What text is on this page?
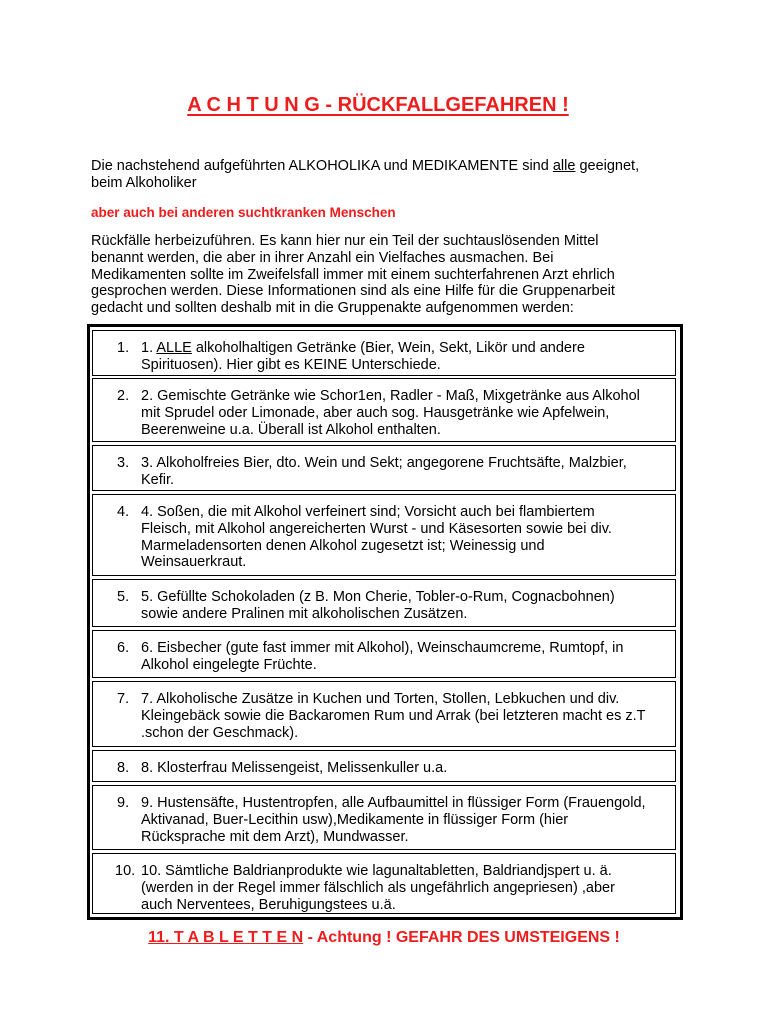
A C H T U N G - RÜCKFALLGEFAHREN !
Die nachstehend aufgeführten ALKOHOLIKA und MEDIKAMENTE sind alle geeignet, beim Alkoholiker
aber auch bei anderen suchtkranken Menschen
Rückfälle herbeizuführen. Es kann hier nur ein Teil der suchtauslösenden Mittel
benannt werden, die aber in ihrer Anzahl ein Vielfaches ausmachen. Bei
Medikamenten sollte im Zweifelsfall immer mit einem suchterfahrenen Arzt ehrlich
gesprochen werden. Diese Informationen sind als eine Hilfe für die Gruppenarbeit
gedacht und sollten deshalb mit in die Gruppenakte aufgenommen werden:
1. 1. ALLE alkoholhaltigen Getränke (Bier, Wein, Sekt, Likör und andere
Spirituosen). Hier gibt es KEINE Unterschiede.
2. 2. Gemischte Getränke wie Schor1en, Radler - Maß, Mixgetränke aus Alkohol
mit Sprudel oder Limonade, aber auch sog. Hausgetränke wie Apfelwein,
Beerenweine u.a. Überall ist Alkohol enthalten.
3. 3. Alkoholfreies Bier, dto. Wein und Sekt; angegorene Fruchtsäfte, Malzbier,
Kefir.
4. 4. Soßen, die mit Alkohol verfeinert sind; Vorsicht auch bei flambiertem
Fleisch, mit Alkohol angereicherten Wurst - und Käsesorten sowie bei div.
Marmeladensorten denen Alkohol zugesetzt ist; Weinessig und
Weinsauerkraut.
5. 5. Gefüllte Schokoladen (z B. Mon Cherie, Tobler-o-Rum, Cognacbohnen)
sowie andere Pralinen mit alkoholischen Zusätzen.
6. 6. Eisbecher (gute fast immer mit Alkohol), Weinschaumcreme, Rumtopf, in
Alkohol eingelegte Früchte.
7. 7. Alkoholische Zusätze in Kuchen und Torten, Stollen, Lebkuchen und div.
Kleingebäck sowie die Backaromen Rum und Arrak (bei letzteren macht es z.T
.schon der Geschmack).
8. 8. Klosterfrau Melissengeist, Melissenkuller u.a.
9. 9. Hustensäfte, Hustentropfen, alle Aufbaumittel in flüssiger Form (Frauengold,
Aktivanad, Buer-Lecithin usw),Medikamente in flüssiger Form (hier
Rücksprache mit dem Arzt), Mundwasser.
10. 10. Sämtliche Baldrianprodukte wie lagunaltabletten, Baldriandjspert u. ä.
(werden in der Regel immer fälschlich als ungefährlich angepriesen) ,aber
auch Nerventees, Beruhigungstees u.ä.
11. T A B L E T T E N - Achtung ! GEFAHR DES UMSTEIGENS !
